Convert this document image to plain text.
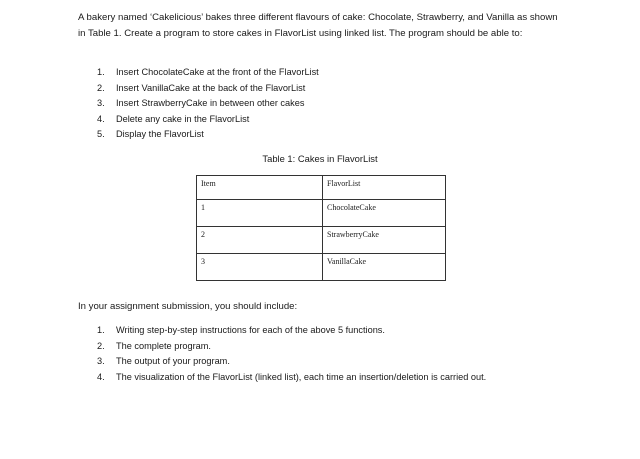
A bakery named ‘Cakelicious’ bakes three different flavours of cake: Chocolate, Strawberry, and Vanilla as shown in Table 1. Create a program to store cakes in FlavorList using linked list. The program should be able to:

1. Insert ChocolateCake at the front of the FlavorList
2. Insert VanillaCake at the back of the FlavorList
3. Insert StrawberryCake in between other cakes
4. Delete any cake in the FlavorList
5. Display the FlavorList
Table 1: Cakes in FlavorList
Item	FlavorList
1	ChocolateCake
2	StrawberryCake
3	VanillaCake

In your assignment submission, you should include:

1. Writing step-by-step instructions for each of the above 5 functions.
2. The complete program.
3. The output of your program.
4. The visualization of the FlavorList (linked list), each time an insertion/deletion is carried out.
